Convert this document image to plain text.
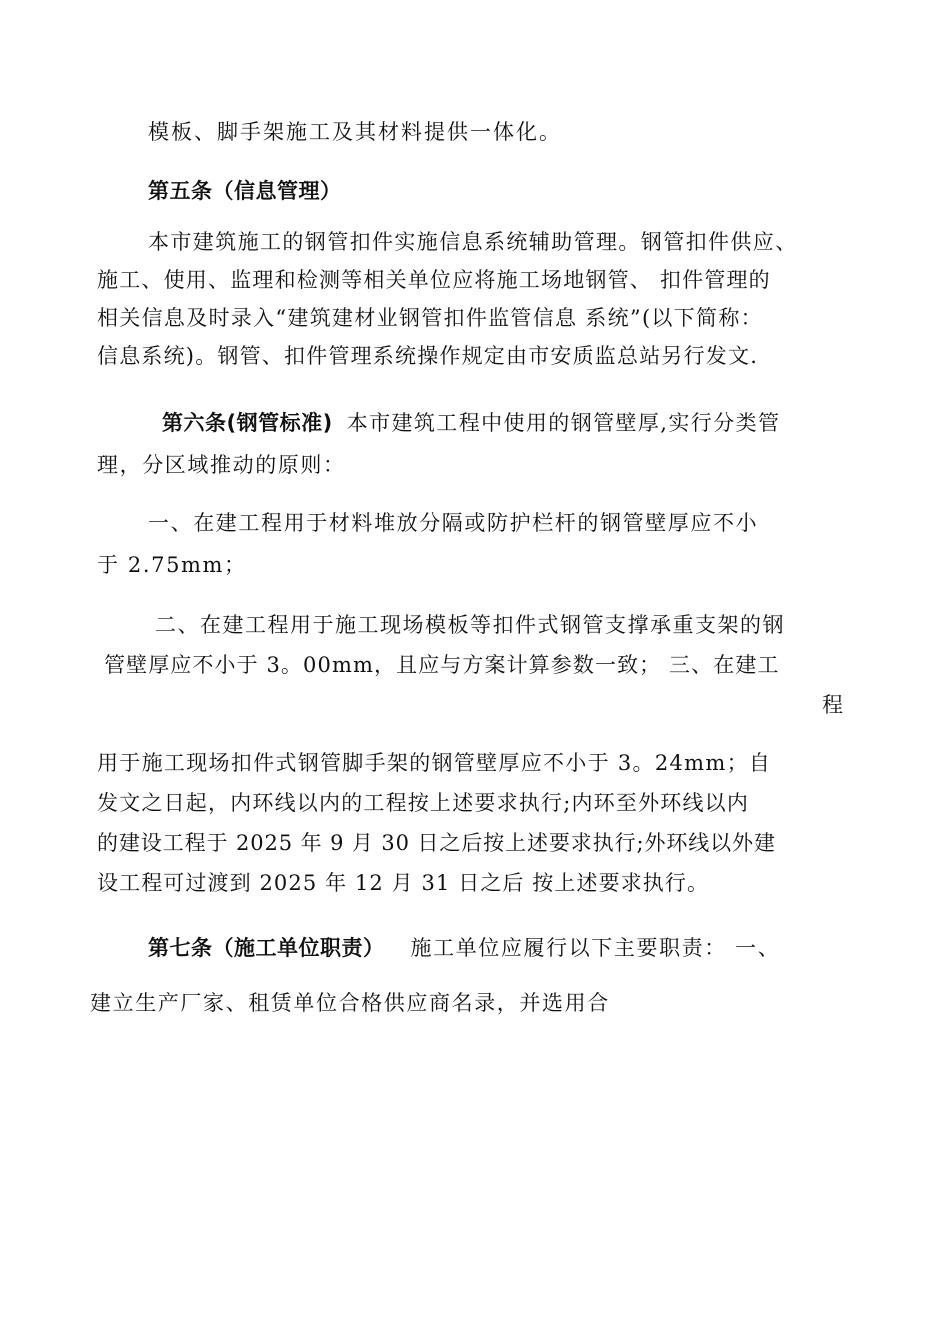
模板、脚手架施工及其材料提供一体化。
第五条（信息管理）
本市建筑施工的钢管扣件实施信息系统辅助管理。钢管扣件供应、
施工、使用、监理和检测等相关单位应将施工场地钢管、 扣件管理的
相关信息及时录入“建筑建材业钢管扣件监管信息 系统”(以下简称：
信息系统)。钢管、扣件管理系统操作规定由市安质监总站另行发文.
第六条(钢管标准) 本市建筑工程中使用的钢管壁厚,实行分类管
理，分区域推动的原则：
一、在建工程用于材料堆放分隔或防护栏杆的钢管壁厚应不小
于 2.75mm；
二、在建工程用于施工现场模板等扣件式钢管支撑承重支架的钢
管壁厚应不小于 3。00mm，且应与方案计算参数一致； 三、在建工
程
用于施工现场扣件式钢管脚手架的钢管壁厚应不小于 3。24mm；自
发文之日起，内环线以内的工程按上述要求执行;内环至外环线以内
的建设工程于 2025 年 9 月 30 日之后按上述要求执行;外环线以外建
设工程可过渡到 2025 年 12 月 31 日之后 按上述要求执行。
第七条（施工单位职责） 施工单位应履行以下主要职责： 一、
建立生产厂家、租赁单位合格供应商名录，并选用合
